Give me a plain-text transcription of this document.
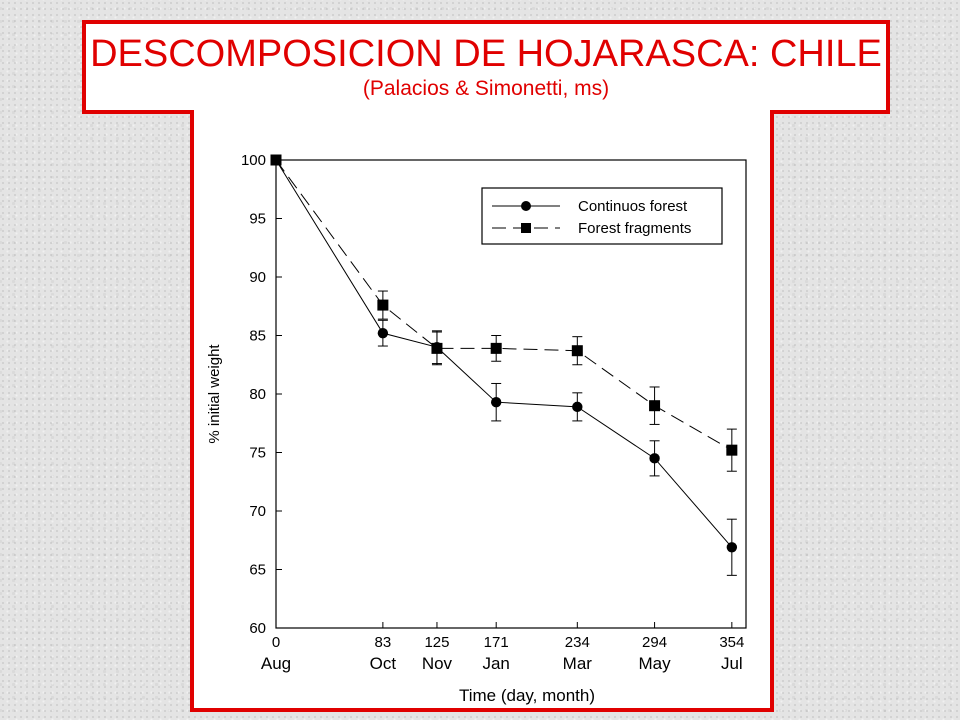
DESCOMPOSICION DE HOJARASCA: CHILE
(Palacios & Simonetti, ms)
60
65
70
75
80
85
90
95
100
0
Aug
83
Oct
125
Nov
171
Jan
234
Mar
294
May
354
Jul
Time (day, month)
% initial weight
Continuos forest
Forest fragments
